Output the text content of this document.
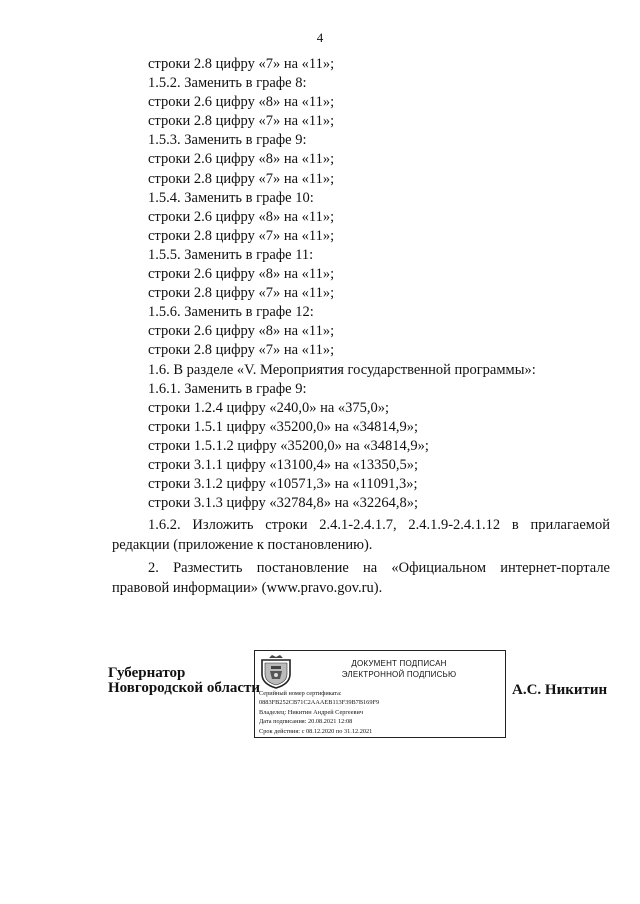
4
строки 2.8 цифру «7» на «11»;
1.5.2. Заменить в графе 8:
строки 2.6 цифру «8» на «11»;
строки 2.8 цифру «7» на «11»;
1.5.3. Заменить в графе 9:
строки 2.6 цифру «8» на «11»;
строки 2.8 цифру «7» на «11»;
1.5.4. Заменить в графе 10:
строки 2.6 цифру «8» на «11»;
строки 2.8 цифру «7» на «11»;
1.5.5. Заменить в графе 11:
строки 2.6 цифру «8» на «11»;
строки 2.8 цифру «7» на «11»;
1.5.6. Заменить в графе 12:
строки 2.6 цифру «8» на «11»;
строки 2.8 цифру «7» на «11»;
1.6. В разделе «V. Мероприятия государственной программы»:
1.6.1. Заменить в графе 9:
строки 1.2.4 цифру «240,0» на «375,0»;
строки 1.5.1 цифру «35200,0» на «34814,9»;
строки 1.5.1.2 цифру «35200,0» на «34814,9»;
строки 3.1.1 цифру «13100,4» на «13350,5»;
строки 3.1.2 цифру «10571,3» на «11091,3»;
строки 3.1.3 цифру «32784,8» на «32264,8»;
1.6.2. Изложить строки 2.4.1-2.4.1.7, 2.4.1.9-2.4.1.12 в прилагаемой редакции (приложение к постановлению).
2. Разместить постановление на «Официальном интернет-портале правовой информации» (www.pravo.gov.ru).
Губернатор
Новгородской области
ДОКУМЕНТ ПОДПИСАН
ЭЛЕКТРОННОЙ ПОДПИСЬЮ
Серийный номер сертификата:
0883FB252CB71C2AAAEB113F39B7B169F9
Владелец: Никитин Андрей Сергеевич
Дата подписания: 20.08.2021 12:08
Срок действия: с 08.12.2020 по 31.12.2021
А.С. Никитин
